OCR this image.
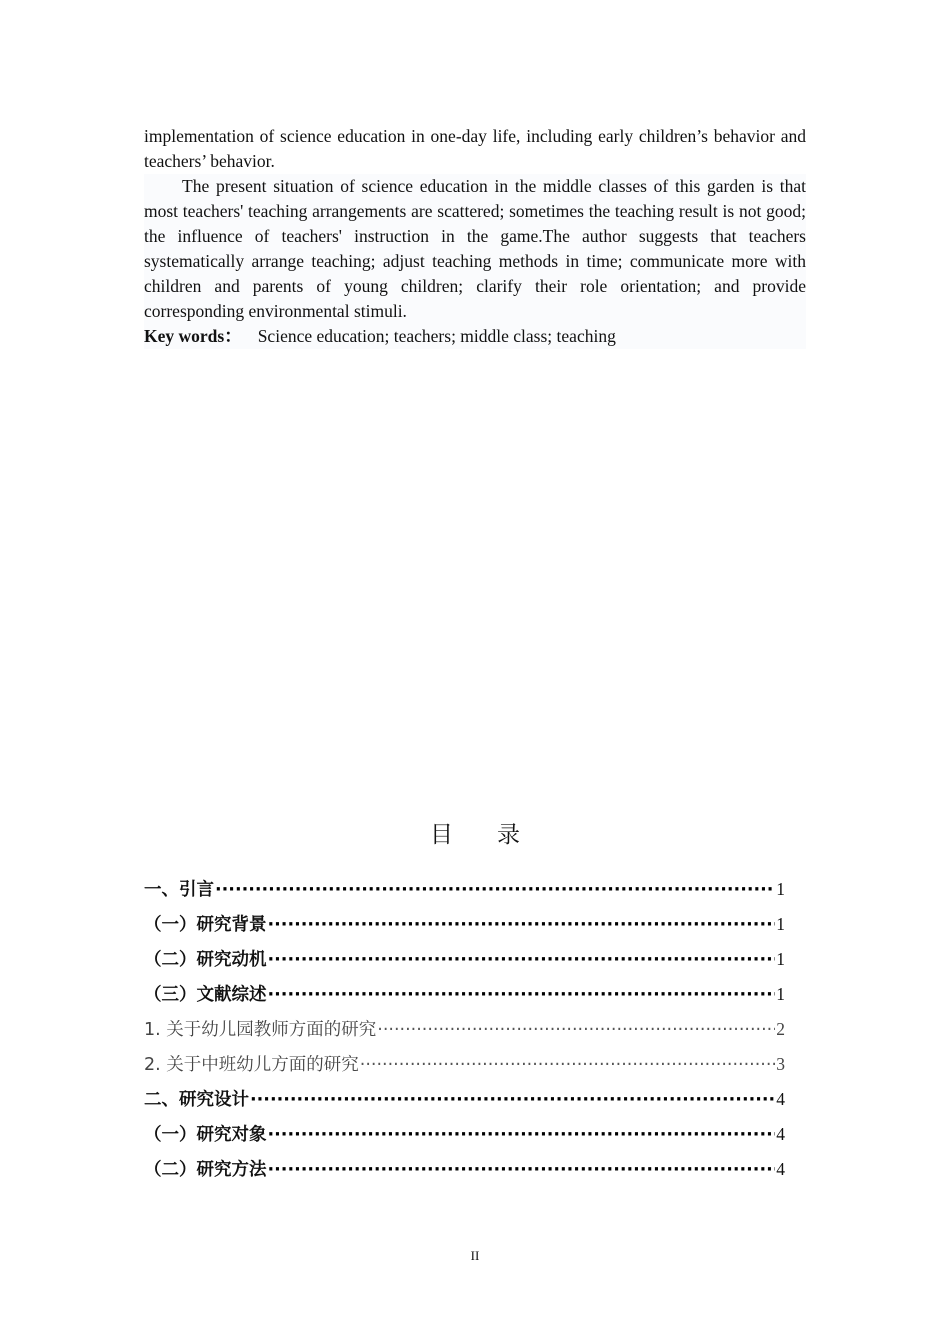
implementation of science education in one-day life, including early children’s behavior and teachers’ behavior.

The present situation of science education in the middle classes of this garden is that most teachers' teaching arrangements are scattered; sometimes the teaching result is not good; the influence of teachers' instruction in the game.The author suggests that teachers systematically arrange teaching; adjust teaching methods in time; communicate more with children and parents of young children; clarify their role orientation; and provide corresponding environmental stimuli.

Key words： Science education; teachers; middle class; teaching

目 录
一、引言 ·····	1
（一）研究背景 ·····	1
（二）研究动机 ·····	1
（三）文献综述 ·····	1
1. 关于幼儿园教师方面的研究 ·····	2
2. 关于中班幼儿方面的研究 ·····	3
二、研究设计 ·····	4
（一）研究对象 ·····	4
（二）研究方法 ·····	4
II
